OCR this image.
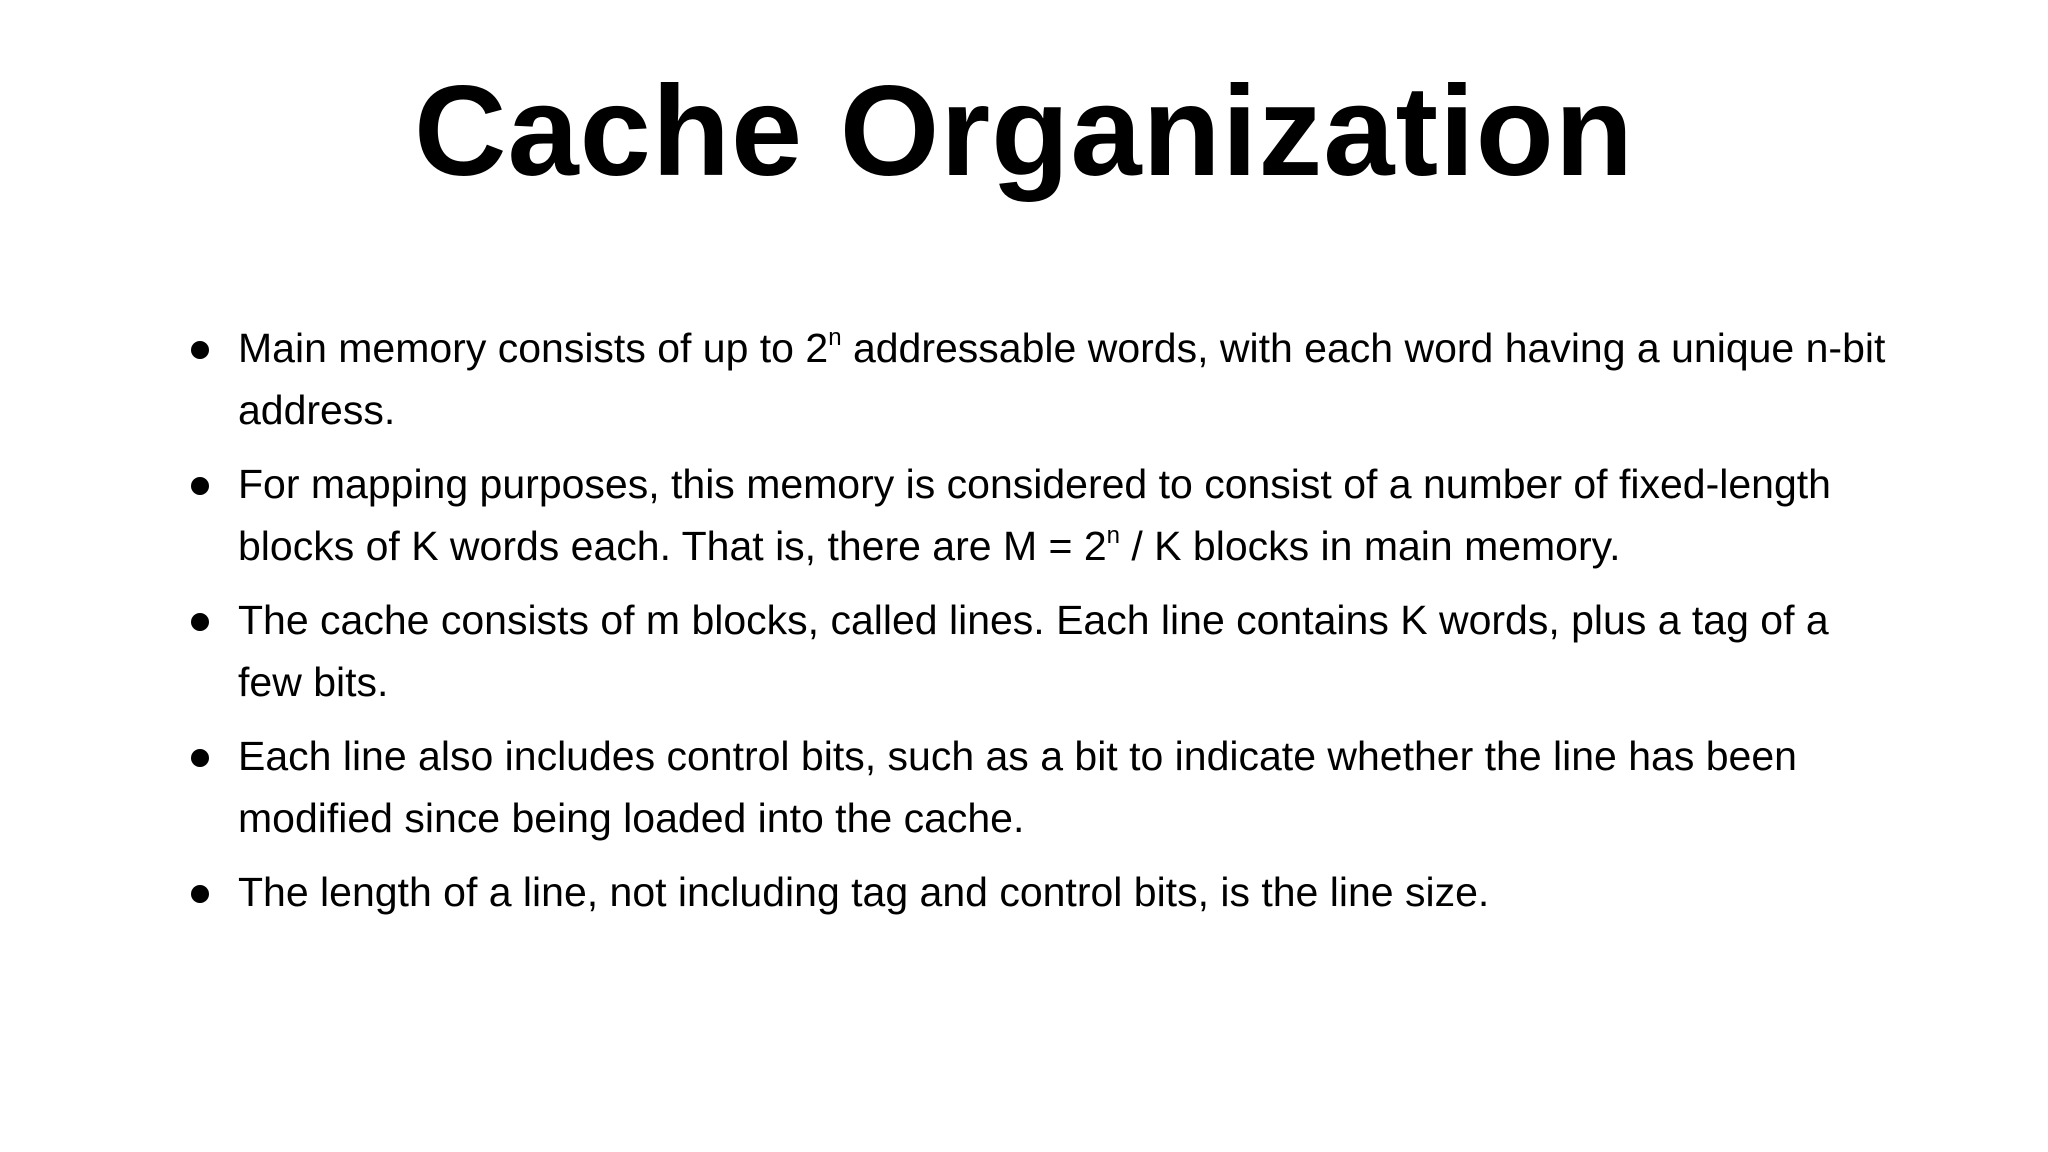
Cache Organization
Main memory consists of up to 2$^n$ addressable words, with each word having a unique n-bit address.
For mapping purposes, this memory is considered to consist of a number of fixed-length blocks of K words each. That is, there are $M = 2^n / K$ blocks in main memory.
The cache consists of m blocks, called lines. Each line contains K words, plus a tag of a few bits.
Each line also includes control bits, such as a bit to indicate whether the line has been modified since being loaded into the cache.
The length of a line, not including tag and control bits, is the line size.
